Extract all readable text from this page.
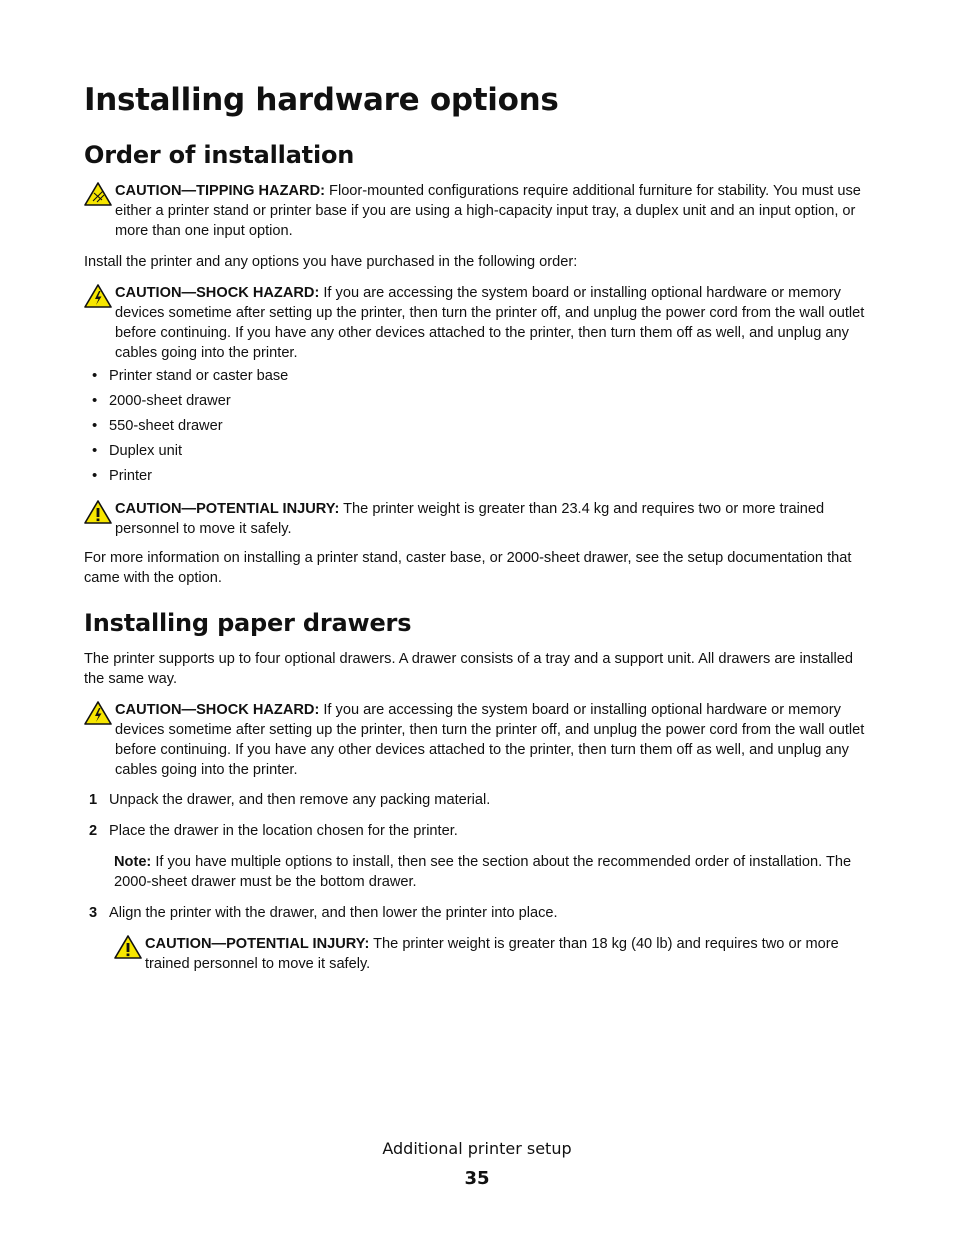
Installing hardware options
Order of installation
CAUTION—TIPPING HAZARD: Floor-mounted configurations require additional furniture for stability. You must use either a printer stand or printer base if you are using a high-capacity input tray, a duplex unit and an input option, or more than one input option.

Install the printer and any options you have purchased in the following order:

CAUTION—SHOCK HAZARD: If you are accessing the system board or installing optional hardware or memory devices sometime after setting up the printer, then turn the printer off, and unplug the power cord from the wall outlet before continuing. If you have any other devices attached to the printer, then turn them off as well, and unplug any cables going into the printer.
• Printer stand or caster base
• 2000-sheet drawer
• 550-sheet drawer
• Duplex unit
• Printer
CAUTION—POTENTIAL INJURY: The printer weight is greater than 23.4 kg and requires two or more trained personnel to move it safely.

For more information on installing a printer stand, caster base, or 2000-sheet drawer, see the setup documentation that came with the option.

Installing paper drawers

The printer supports up to four optional drawers. A drawer consists of a tray and a support unit. All drawers are installed the same way.

CAUTION—SHOCK HAZARD: If you are accessing the system board or installing optional hardware or memory devices sometime after setting up the printer, then turn the printer off, and unplug the power cord from the wall outlet before continuing. If you have any other devices attached to the printer, then turn them off as well, and unplug any cables going into the printer.
1 Unpack the drawer, and then remove any packing material.
2 Place the drawer in the location chosen for the printer.
Note: If you have multiple options to install, then see the section about the recommended order of installation. The 2000-sheet drawer must be the bottom drawer.
3 Align the printer with the drawer, and then lower the printer into place.
CAUTION—POTENTIAL INJURY: The printer weight is greater than 18 kg (40 lb) and requires two or more trained personnel to move it safely.
Additional printer setup
35
